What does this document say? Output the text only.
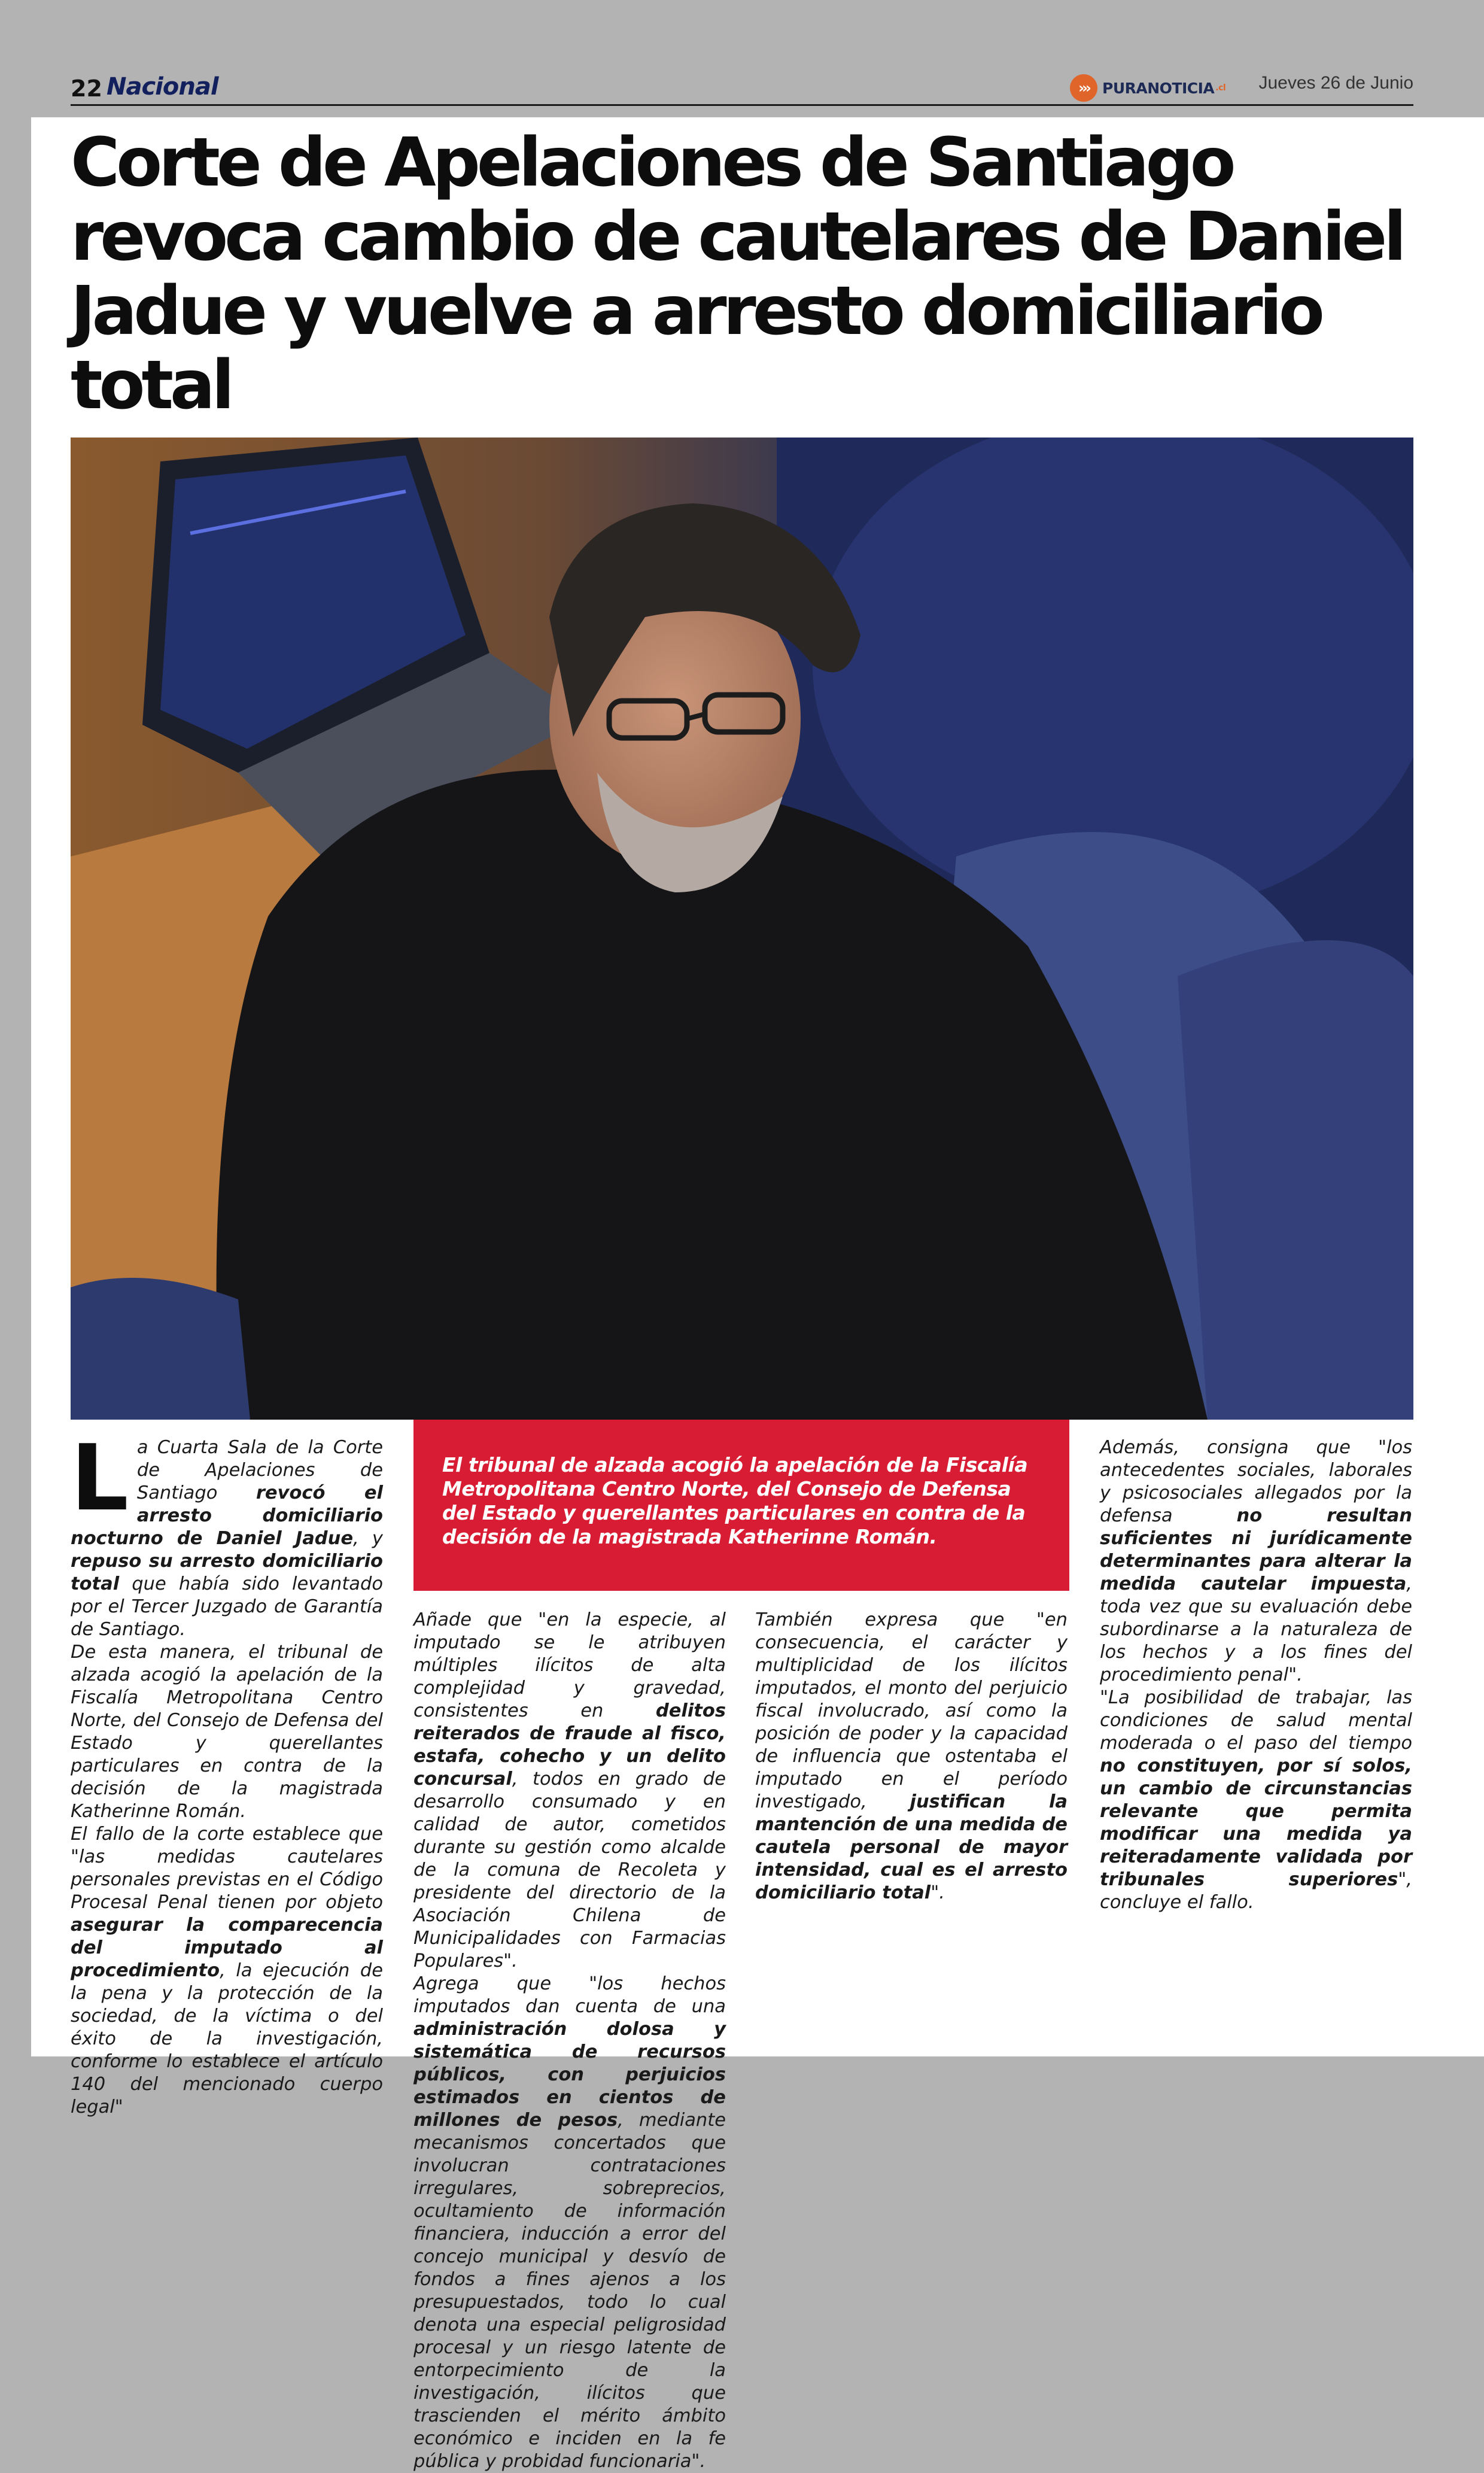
22 Nacional	››› PURANOTICIA .cl Jueves 26 de Junio
Corte de Apelaciones de Santiago revoca cambio de cautelares de Daniel Jadue y vuelve a arresto domiciliario total

El tribunal de alzada acogió la apelación de la Fiscalía Metropolitana Centro Norte, del Consejo de Defensa del Estado y querellantes particulares en contra de la decisión de la magistrada Katherinne Román.

La Cuarta Sala de la Corte de Apelaciones de Santiago revocó el arresto domiciliario nocturno de Daniel Jadue, y repuso su arresto domiciliario total que había sido levantado por el Tercer Juzgado de Garantía de Santiago.

De esta manera, el tribunal de alzada acogió la apelación de la Fiscalía Metropolitana Centro Norte, del Consejo de Defensa del Estado y querellantes particulares en contra de la decisión de la magistrada Katherinne Román.

El fallo de la corte establece que "las medidas cautelares personales previstas en el Código Procesal Penal tienen por objeto asegurar la comparecencia del imputado al procedimiento, la ejecución de la pena y la protección de la sociedad, de la víctima o del éxito de la investigación, conforme lo establece el artículo 140 del mencionado cuerpo legal"

Añade que "en la especie, al imputado se le atribuyen múltiples ilícitos de alta complejidad y gravedad, consistentes en delitos reiterados de fraude al fisco, estafa, cohecho y un delito concursal, todos en grado de desarrollo consumado y en calidad de autor, cometidos durante su gestión como alcalde de la comuna de Recoleta y presidente del directorio de la Asociación Chilena de Municipalidades con Farmacias Populares".

Agrega que "los hechos imputados dan cuenta de una administración dolosa y sistemática de recursos públicos, con perjuicios estimados en cientos de millones de pesos, mediante mecanismos concertados que involucran contrataciones irregulares, sobreprecios, ocultamiento de información financiera, inducción a error del concejo municipal y desvío de fondos a fines ajenos a los presupuestados, todo lo cual denota una especial peligrosidad procesal y un riesgo latente de entorpecimiento de la investigación, ilícitos que trascienden el mérito ámbito económico e inciden en la fe pública y probidad funcionaria".

También expresa que "en consecuencia, el carácter y multiplicidad de los ilícitos imputados, el monto del perjuicio fiscal involucrado, así como la posición de poder y la capacidad de influencia que ostentaba el imputado en el período investigado, justifican la mantención de una medida de cautela personal de mayor intensidad, cual es el arresto domiciliario total".

Además, consigna que "los antecedentes sociales, laborales y psicosociales allegados por la defensa no resultan suficientes ni jurídicamente determinantes para alterar la medida cautelar impuesta, toda vez que su evaluación debe subordinarse a la naturaleza de los hechos y a los fines del procedimiento penal".

"La posibilidad de trabajar, las condiciones de salud mental moderada o el paso del tiempo no constituyen, por sí solos, un cambio de circunstancias relevante que permita modificar una medida ya reiteradamente validada por tribunales superiores", concluye el fallo.
